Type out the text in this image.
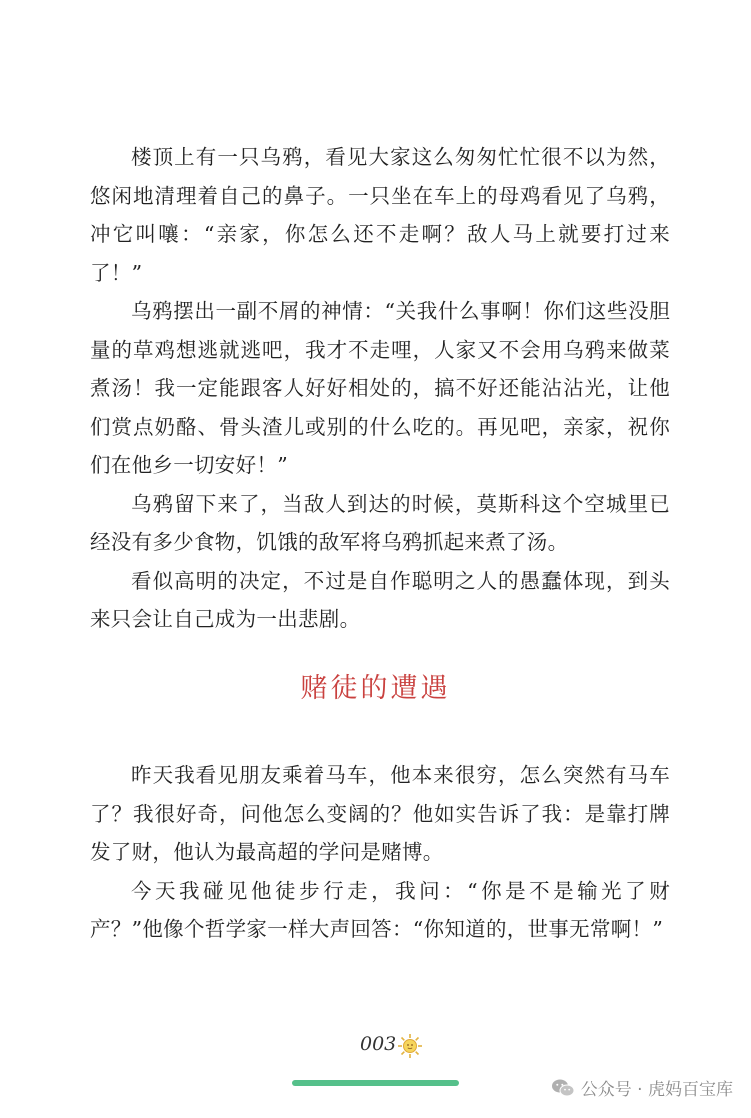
楼顶上有一只乌鸦，看见大家这么匆匆忙忙很不以为然，悠闲地清理着自己的鼻子。一只坐在车上的母鸡看见了乌鸦，冲它叫嚷：“亲家，你怎么还不走啊？敌人马上就要打过来了！”

乌鸦摆出一副不屑的神情：“关我什么事啊！你们这些没胆量的草鸡想逃就逃吧，我才不走哩，人家又不会用乌鸦来做菜煮汤！我一定能跟客人好好相处的，搞不好还能沾沾光，让他们赏点奶酪、骨头渣儿或别的什么吃的。再见吧，亲家，祝你们在他乡一切安好！”

乌鸦留下来了，当敌人到达的时候，莫斯科这个空城里已经没有多少食物，饥饿的敌军将乌鸦抓起来煮了汤。

看似高明的决定，不过是自作聪明之人的愚蠢体现，到头来只会让自己成为一出悲剧。

赌徒的遭遇

昨天我看见朋友乘着马车，他本来很穷，怎么突然有马车了？我很好奇，问他怎么变阔的？他如实告诉了我：是靠打牌发了财，他认为最高超的学问是赌博。

今天我碰见他徒步行走，我问：“你是不是输光了财产？”他像个哲学家一样大声回答：“你知道的，世事无常啊！”

003
公众号 · 虎妈百宝库
